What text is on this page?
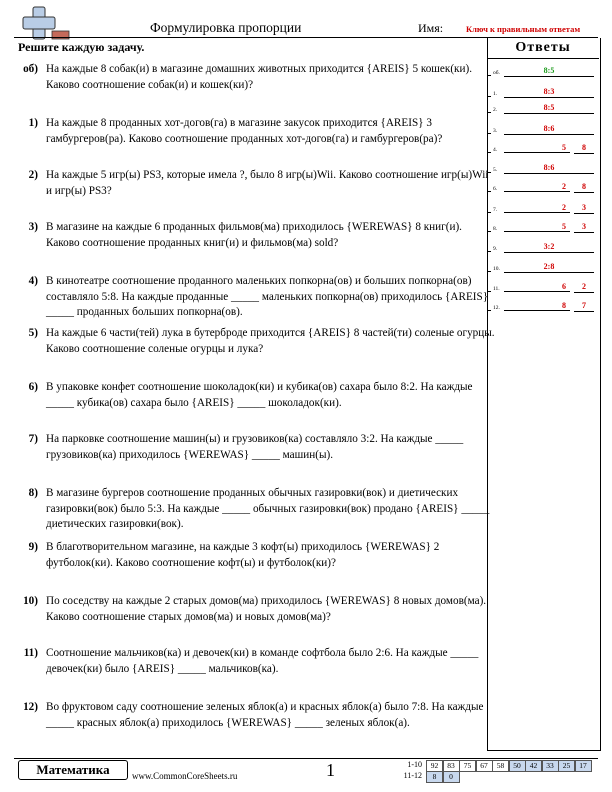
Формулировка пропорции	Имя:	Ключ к правильным ответам
Решите каждую задачу.
об) На каждые 8 собак(и) в магазине домашних животных приходится {AREIS} 5 кошек(ки). Каково соотношение собак(и) и кошек(ки)?
1) На каждые 8 проданных хот-догов(га) в магазине закусок приходится {AREIS} 3 гамбургеров(ра). Каково соотношение проданных хот-догов(га) и гамбургеров(ра)?
2) На каждые 5 игр(ы) PS3, которые имела ?, было 8 игр(ы)Wii. Каково соотношение игр(ы)Wii и игр(ы) PS3?
3) В магазине на каждые 6 проданных фильмов(ма) приходилось {WEREWAS} 8 книг(и). Каково соотношение проданных книг(и) и фильмов(ма) sold?
4) В кинотеатре соотношение проданного маленьких попкорна(ов) и больших попкорна(ов) составляло 5:8. На каждые проданные _____ маленьких попкорна(ов) приходилось {AREIS} _____ проданных больших попкорна(ов).
5) На каждые 6 части(тей) лука в бутерброде приходится {AREIS} 8 частей(ти) соленые огурцы. Каково соотношение соленые огурцы и лука?
6) В упаковке конфет соотношение шоколадок(ки) и кубика(ов) сахара было 8:2. На каждые _____ кубика(ов) сахара было {AREIS} _____ шоколадок(ки).
7) На парковке соотношение машин(ы) и грузовиков(ка) составляло 3:2. На каждые _____ грузовиков(ка) приходилось {WEREWAS} _____ машин(ы).
8) В магазине бургеров соотношение проданных обычных газировки(вок) и диетических газировки(вок) было 5:3. На каждые _____ обычных газировки(вок) продано {AREIS} _____ диетических газировки(вок).
9) В благотворительном магазине, на каждые 3 кофт(ы) приходилось {WEREWAS} 2 футболок(ки). Каково соотношение кофт(ы) и футболок(ки)?
10) По соседству на каждые 2 старых домов(ма) приходилось {WEREWAS} 8 новых домов(ма). Каково соотношение старых домов(ма) и новых домов(ма)?
11) Соотношение мальчиков(ка) и девочек(ки) в команде софтбола было 2:6. На каждые _____ девочек(ки) было {AREIS} _____ мальчиков(ка).
12) Во фруктовом саду соотношение зеленых яблок(а) и красных яблок(а) было 7:8. На каждые _____ красных яблок(а) приходилось {WEREWAS} _____ зеленых яблок(а).
Ответы
об.	8:5
1.	8:3
2.	8:5
3.	8:6
4.	5	8
5.	8:6
6.	2	8
7.	2	3
8.	5	3
9.	3:2
10.	2:8
11.	6	2
12.	8	7
Математика	www.CommonCoreSheets.ru	1	1-10	92	83	75	67	58	50	42	33	25	17
11-12	8	0
